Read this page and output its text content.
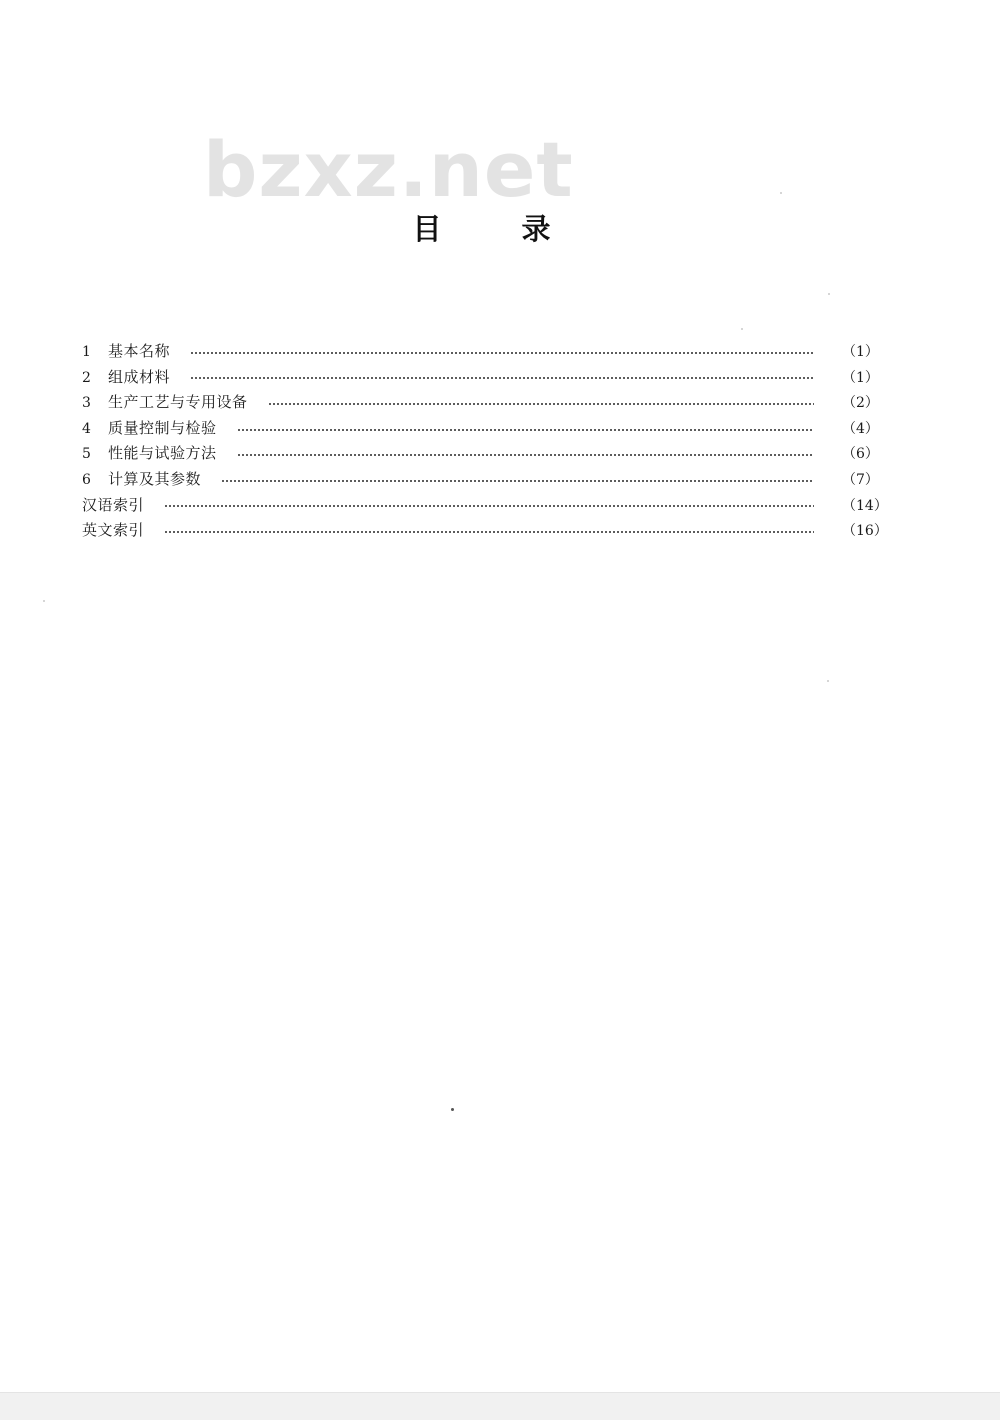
bzxz.net
目录
1	基本名称	（1）
2	组成材料	（1）
3	生产工艺与专用设备	（2）
4	质量控制与检验	（4）
5	性能与试验方法	（6）
6	计算及其参数	（7）
汉语索引	（14）
英文索引	（16）
